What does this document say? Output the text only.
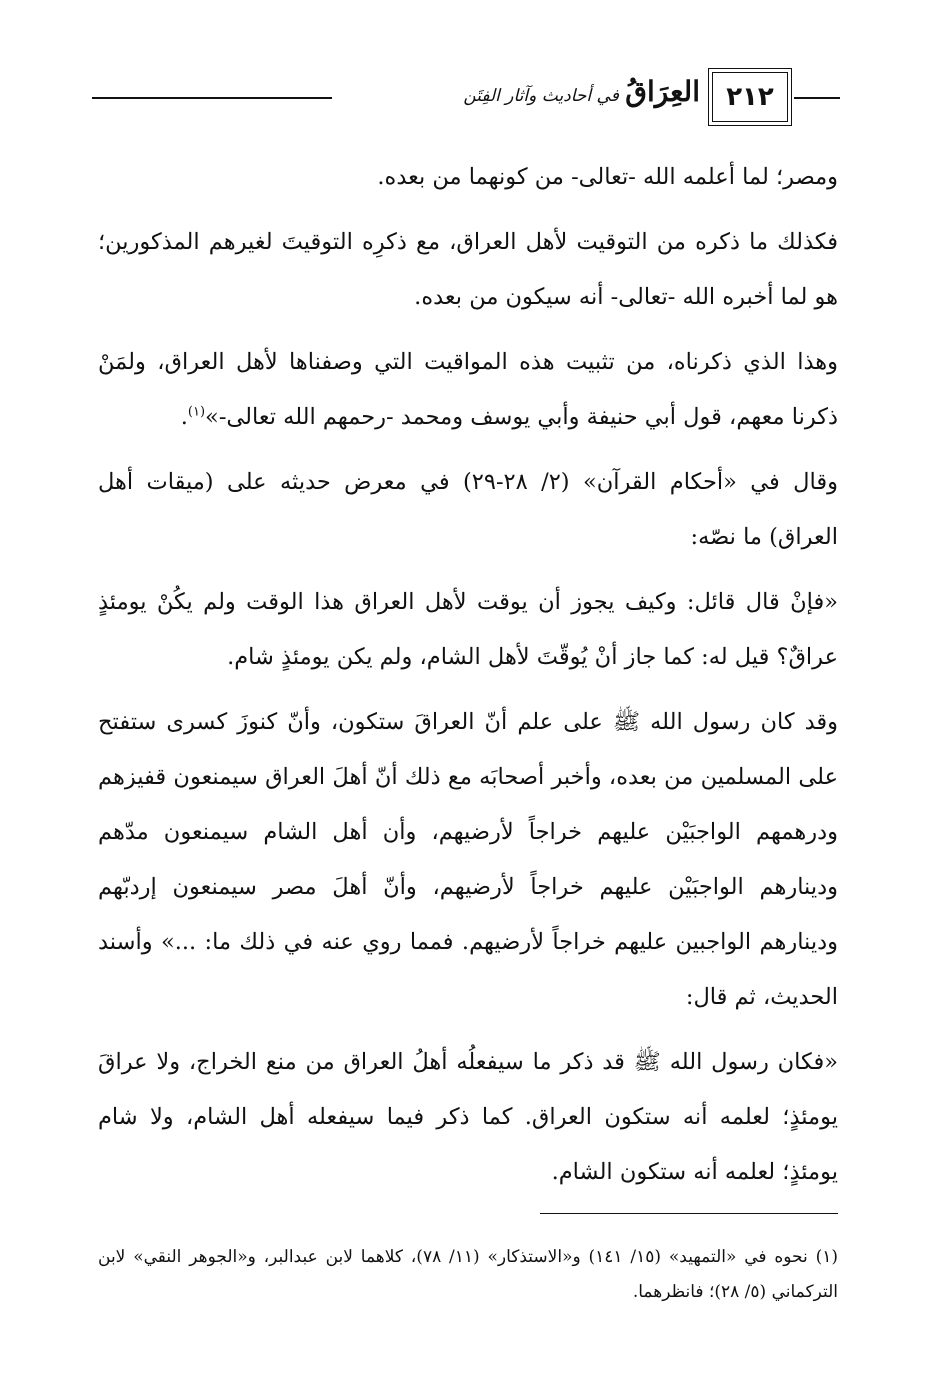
٢١٢
العِرَاقُ في أحاديث وآثار الفِتَن

ومصر؛ لما أعلمه الله -تعالى- من كونهما من بعده.

فكذلك ما ذكره من التوقيت لأهل العراق، مع ذكرِه التوقيتَ لغيرهم المذكورين؛ هو لما أخبره الله -تعالى- أنه سيكون من بعده.

وهذا الذي ذكرناه، من تثبيت هذه المواقيت التي وصفناها لأهل العراق، ولمَنْ ذكرنا معهم، قول أبي حنيفة وأبي يوسف ومحمد -رحمهم الله تعالى-»$^{(١)}$.

وقال في «أحكام القرآن» (٢/ ٢٨-٢٩) في معرض حديثه على (ميقات أهل العراق) ما نصّه:

«فإنْ قال قائل: وكيف يجوز أن يوقت لأهل العراق هذا الوقت ولم يكُنْ يومئذٍ عراقٌ؟ قيل له: كما جاز أنْ يُوقّتَ لأهل الشام، ولم يكن يومئذٍ شام.

وقد كان رسول الله ﷺ على علم أنّ العراقَ ستكون، وأنّ كنوزَ كسرى ستفتح على المسلمين من بعده، وأخبر أصحابَه مع ذلك أنّ أهلَ العراق سيمنعون قفيزهم ودرهمهم الواجبَيْن عليهم خراجاً لأرضيهم، وأن أهل الشام سيمنعون مدّهم ودينارهم الواجبَيْن عليهم خراجاً لأرضيهم، وأنّ أهلَ مصر سيمنعون إردبّهم ودينارهم الواجبين عليهم خراجاً لأرضيهم. فمما روي عنه في ذلك ما: ...» وأسند الحديث، ثم قال:

«فكان رسول الله ﷺ قد ذكر ما سيفعلُه أهلُ العراق من منع الخراج، ولا عراقَ يومئذٍ؛ لعلمه أنه ستكون العراق. كما ذكر فيما سيفعله أهل الشام، ولا شام يومئذٍ؛ لعلمه أنه ستكون الشام.

(١) نحوه في «التمهيد» (١٥/ ١٤١) و«الاستذكار» (١١/ ٧٨)، كلاهما لابن عبدالبر، و«الجوهر النقي» لابن التركماني (٥/ ٢٨)؛ فانظرهما.
